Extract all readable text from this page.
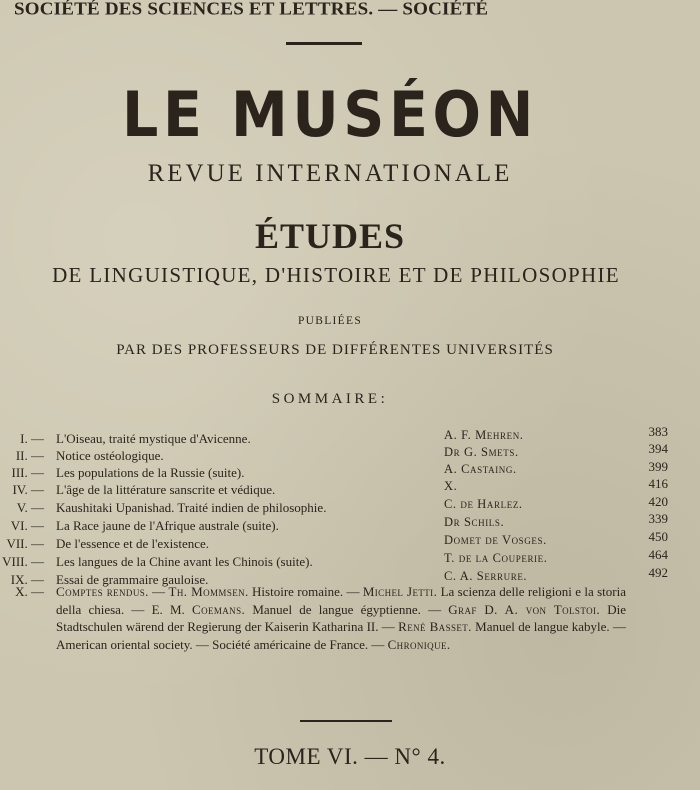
SOCIÉTÉ DES SCIENCES ET LETTRES. — SOCIÉTÉ
LE MUSÉON
REVUE INTERNATIONALE
ÉTUDES
DE LINGUISTIQUE, D'HISTOIRE ET DE PHILOSOPHIE
PUBLIÉES
PAR DES PROFESSEURS DE DIFFÉRENTES UNIVERSITÉS
SOMMAIRE:
I. — L'Oiseau, traité mystique d'Avicenne.	A. F. Mehren.	383
II. — Notice ostéologique.	Dr G. Smets.	394
III. — Les populations de la Russie (suite).	A. Castaing.	399
IV. — L'âge de la littérature sanscrite et védique.	X.	416
V. — Kaushitaki Upanishad. Traité indien de philosophie.	C. de Harlez.	420
VI. — La Race jaune de l'Afrique australe (suite).	Dr Schils.	339
VII. — De l'essence et de l'existence.	Domet de Vosges.	450
VIII. — Les langues de la Chine avant les Chinois (suite).	T. de la Couperie.	464
IX. — Essai de grammaire gauloise.	C. A. Serrure.	492
X. — Comptes rendus. — Th. Mommsen. Histoire romaine. — Michel Jetti. La scienza delle religioni e la storia della chiesa. — E. M. Coemans. Manuel de langue égyptienne. — Graf D. A. von Tolstoi. Die Stadtschulen wärend der Regierung der Kaiserin Katharina II. — René Basset. Manuel de langue kabyle. — American oriental society. — Société américaine de France. — Chronique.
TOME VI. — N° 4.
